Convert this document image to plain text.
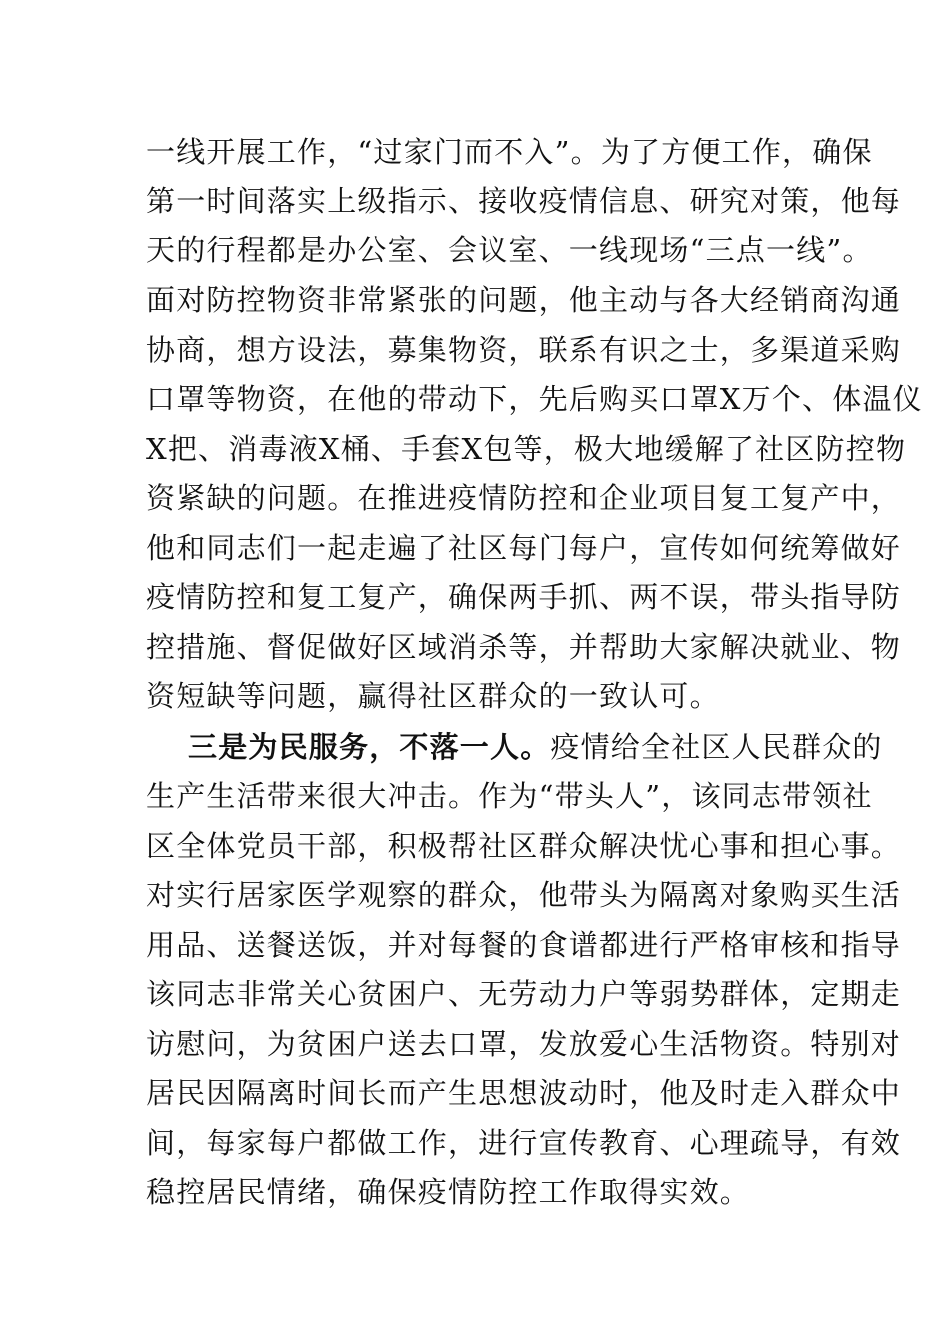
一线开展工作，“过家门而不入”。为了方便工作，确保
第一时间落实上级指示、接收疫情信息、研究对策，他每
天的行程都是办公室、会议室、一线现场“三点一线”。
面对防控物资非常紧张的问题，他主动与各大经销商沟通
协商，想方设法，募集物资，联系有识之士，多渠道采购
口罩等物资，在他的带动下，先后购买口罩Ⅹ万个、体温仪
Ⅹ把、消毒液Ⅹ桶、手套Ⅹ包等，极大地缓解了社区防控物
资紧缺的问题。在推进疫情防控和企业项目复工复产中，
他和同志们一起走遍了社区每门每户，宣传如何统筹做好
疫情防控和复工复产，确保两手抓、两不误，带头指导防
控措施、督促做好区域消杀等，并帮助大家解决就业、物
资短缺等问题，赢得社区群众的一致认可。
三是为民服务，不落一人。 疫情给全社区人民群众的
生产生活带来很大冲击。作为“带头人”，该同志带领社
区全体党员干部，积极帮社区群众解决忧心事和担心事。
对实行居家医学观察的群众，他带头为隔离对象购买生活
用品、送餐送饭，并对每餐的食谱都进行严格审核和指导
该同志非常关心贫困户、无劳动力户等弱势群体，定期走
访慰问，为贫困户送去口罩，发放爱心生活物资。特别对
居民因隔离时间长而产生思想波动时，他及时走入群众中
间，每家每户都做工作，进行宣传教育、心理疏导，有效
稳控居民情绪，确保疫情防控工作取得实效。
